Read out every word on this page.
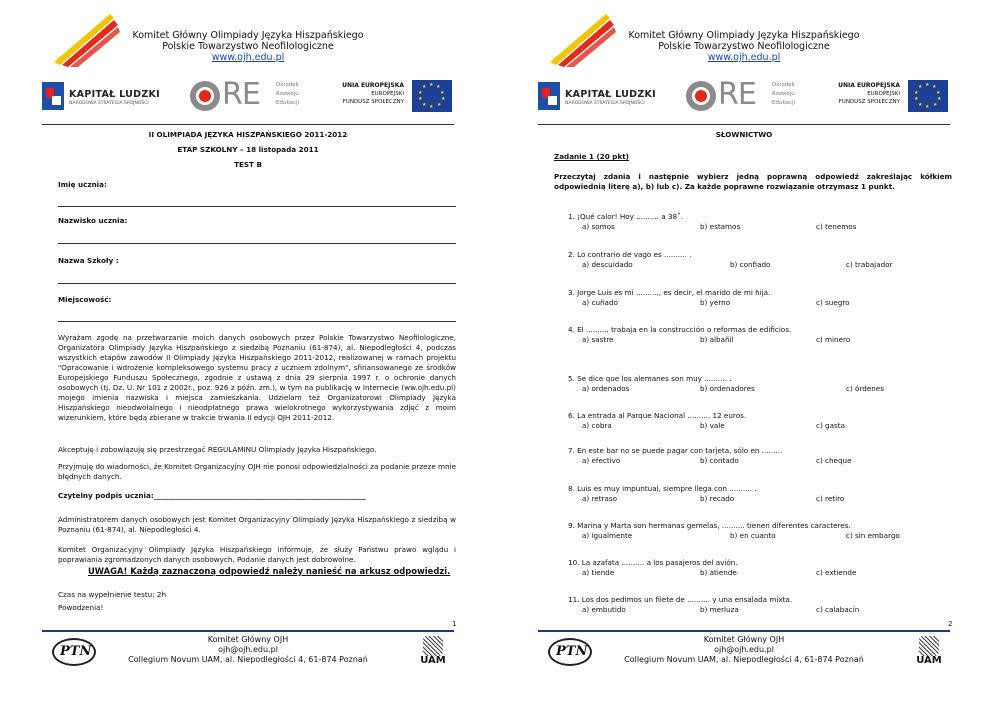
Komitet Główny Olimpiady Języka Hiszpańskiego
Polskie Towarzystwo Neofilologiczne
www.ojh.edu.pl
KAPITAŁ LUDZKI
NARODOWA STRATEGIA SPÓJNOŚCI RE	Ośrodek
Rozwoju
Edukacji
UNIA EUROPEJSKA
EUROPEJSKI
FUNDUSZ SPOŁECZNY
★ ★
★
★
★
★
★
★
★
★
II OLIMPIADA JĘZYKA HISZPAŃSKIEGO 2011-2012
ETAP SZKOLNY – 18 listopada 2011
TEST B
Imię ucznia:
Nazwisko ucznia:
Nazwa Szkoły :
Miejscowość:
Wyrażam zgodę na przetwarzanie moich danych osobowych przez Polskie Towarzystwo Neofilologiczne, Organizatora Olimpiady Języka Hiszpańskiego z siedzibą Poznaniu (61-874), al. Niepodległości 4, podczas wszystkich etapów zawodów II Olimpiady Języka Hiszpańskiego 2011-2012, realizowanej w ramach projektu "Opracowanie i wdrożenie kompleksowego systemu pracy z uczniem zdolnym", sfinansowanego ze środków Europejskiego Funduszu Społecznego, zgodnie z ustawą z dnia 29 sierpnia 1997 r. o ochronie danych osobowych (tj. Dz. U. Nr 101 z 2002r., poz. 926 z późn. zm.), w tym na publikację w Internecie (ww.ojh.edu.pl) mojego imienia nazwiska i miejsca zamieszkania. Udzielam też Organizatorowi Olimpiady Języka Hiszpańskiego nieodwołalnego i nieodpłatnego prawa wielokrotnego wykorzystywania zdjęć z moim wizerunkiem, które będą zbierane w trakcie trwania II edycji OJH 2011-2012.
Akceptuję i zobowiązuję się przestrzegać REGULAMINU Olimpiady Języka Hiszpańskiego.
Przyjmuję do wiadomości, że Komitet Organizacyjny OJH nie ponosi odpowiedzialności za podanie przeze mnie błędnych danych.
Czytelny podpis ucznia:___________________________________________________________
Administratorem danych osobowych jest Komitet Organizacyjny Olimpiady Języka Hiszpańskiego z siedzibą w Poznaniu (61-874), al. Niepodległości 4.
Komitet Organizacyjny Olimpiady Języka Hiszpańskiego informuje, że służy Państwu prawo wglądu i poprawiania zgromadzonych danych osobowych. Podanie danych jest dobrowolne.
UWAGA! Każdą zaznaczoną odpowiedź należy nanieść na arkusz odpowiedzi.
Czas na wypełnienie testu: 2h
Powodzenia!
1
PTN
Komitet Główny OJH
ojh@ojh.edu.pl
Collegium Novum UAM, al. Niepodległości 4, 61-874 Poznań	UAM
Komitet Główny Olimpiady Języka Hiszpańskiego
Polskie Towarzystwo Neofilologiczne
www.ojh.edu.pl
KAPITAŁ LUDZKI
NARODOWA STRATEGIA SPÓJNOŚCI RE	Ośrodek
Rozwoju
Edukacji
UNIA EUROPEJSKA
EUROPEJSKI
FUNDUSZ SPOŁECZNY
★ ★
★
★
★
★
★
★
★
★
SŁOWNICTWO
Zadanie 1 (20 pkt)
Przeczytaj zdania i następnie wybierz jedną poprawną odpowiedź zakreślając kółkiem odpowiednią literę a), b) lub c). Za każde poprawne rozwiązanie otrzymasz 1 punkt.
1. ¡Qué calor! Hoy .......... a 38˚.
a) somos	b) estamos	c) tenemos
2. Lo contrario de vago es .......... .
a) descuidado	b) confiado	c) trabajador
3. Jorge Luis es mi .........., es decir, el marido de mi hija.
a) cuñado	b) yerno	c) suegro
4. El .......... trabaja en la construcción o reformas de edificios.
a) sastre	b) albañil	c) minero
5. Se dice que los alemanes son muy .......... .
a) ordenados	b) ordenadores	c) órdenes
6. La entrada al Parque Nacional .......... 12 euros.
a) cobra	b) vale	c) gasta
7. En este bar no se puede pagar con tarjeta, sólo en .........
a) efectivo	b) contado	c) cheque
8. Luis es muy impuntual, siempre llega con .......... .
a) retraso	b) recado	c) retiro
9. Marina y Marta son hermanas gemelas, .......... tienen diferentes caracteres.
a) igualmente	b) en cuanto	c) sin embargo
10. La azafata .......... a los pasajeros del avión.
a) tiende	b) atiende	c) extiende
11. Los dos pedimos un filete de .......... y una ensalada mixta.
a) embutido	b) merluza	c) calabacín
2
PTN
Komitet Główny OJH
ojh@ojh.edu.pl
Collegium Novum UAM, al. Niepodległości 4, 61-874 Poznań	UAM
